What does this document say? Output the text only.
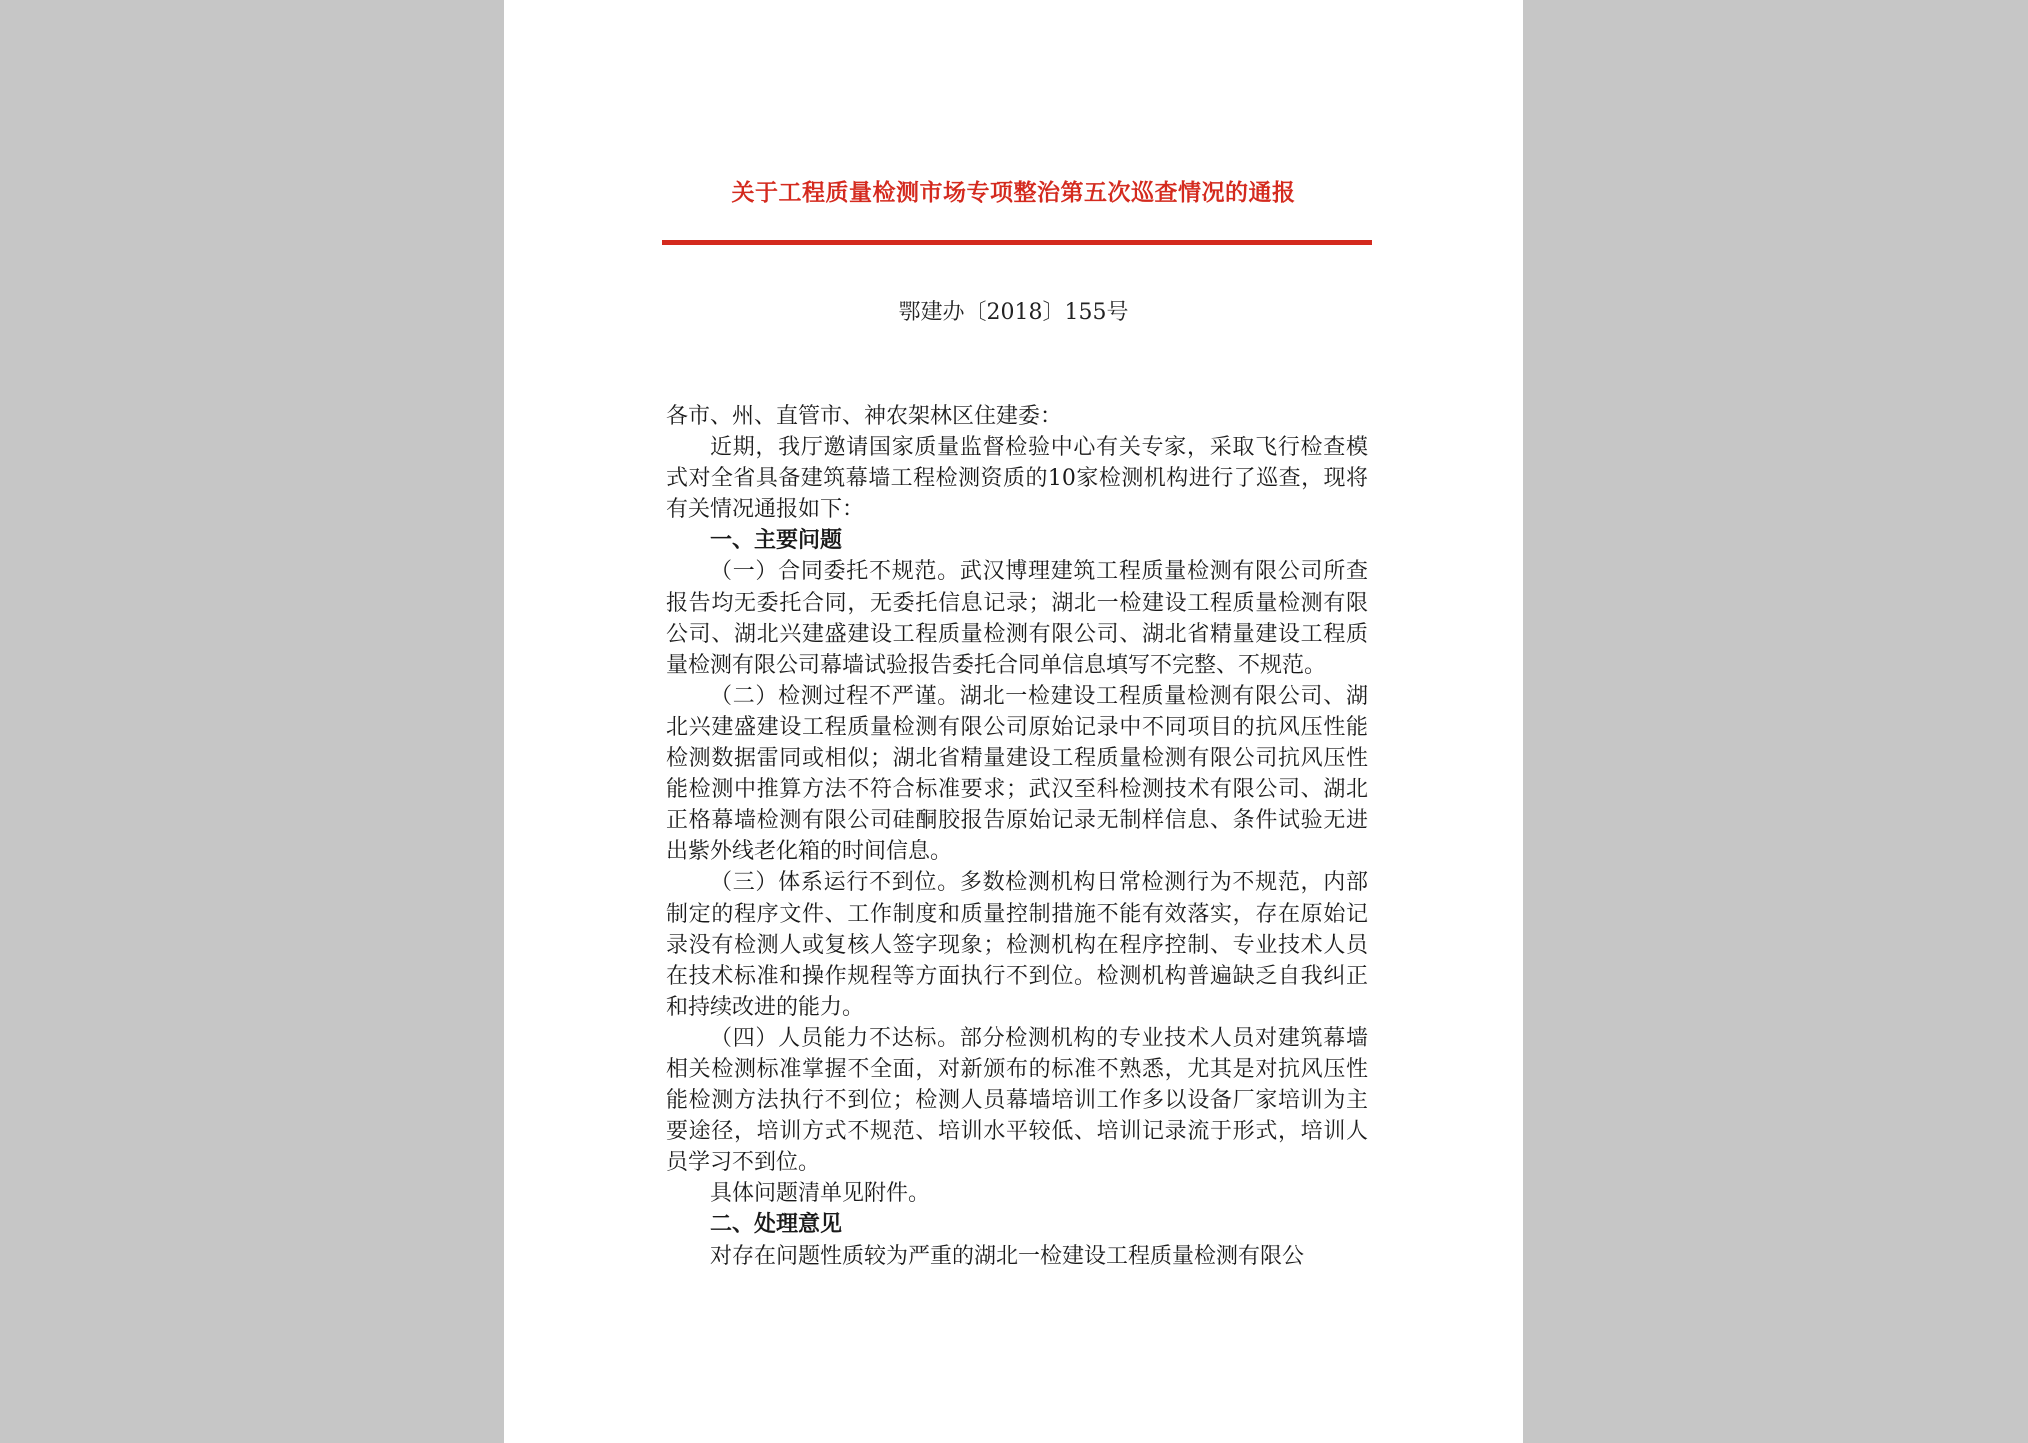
关于工程质量检测市场专项整治第五次巡查情况的通报
鄂建办〔2018〕155号

各市、州、直管市、神农架林区住建委：

近期，我厅邀请国家质量监督检验中心有关专家，采取飞行检查模式对全省具备建筑幕墙工程检测资质的10家检测机构进行了巡查，现将有关情况通报如下：

一、主要问题

（一）合同委托不规范。武汉博理建筑工程质量检测有限公司所查报告均无委托合同，无委托信息记录；湖北一检建设工程质量检测有限公司、湖北兴建盛建设工程质量检测有限公司、湖北省精量建设工程质量检测有限公司幕墙试验报告委托合同单信息填写不完整、不规范。

（二）检测过程不严谨。湖北一检建设工程质量检测有限公司、湖北兴建盛建设工程质量检测有限公司原始记录中不同项目的抗风压性能检测数据雷同或相似；湖北省精量建设工程质量检测有限公司抗风压性能检测中推算方法不符合标准要求；武汉至科检测技术有限公司、湖北正格幕墙检测有限公司硅酮胶报告原始记录无制样信息、条件试验无进出紫外线老化箱的时间信息。

（三）体系运行不到位。多数检测机构日常检测行为不规范，内部制定的程序文件、工作制度和质量控制措施不能有效落实，存在原始记录没有检测人或复核人签字现象；检测机构在程序控制、专业技术人员在技术标准和操作规程等方面执行不到位。检测机构普遍缺乏自我纠正和持续改进的能力。

（四）人员能力不达标。部分检测机构的专业技术人员对建筑幕墙相关检测标准掌握不全面，对新颁布的标准不熟悉，尤其是对抗风压性能检测方法执行不到位；检测人员幕墙培训工作多以设备厂家培训为主要途径，培训方式不规范、培训水平较低、培训记录流于形式，培训人员学习不到位。

具体问题清单见附件。

二、处理意见

对存在问题性质较为严重的湖北一检建设工程质量检测有限公
